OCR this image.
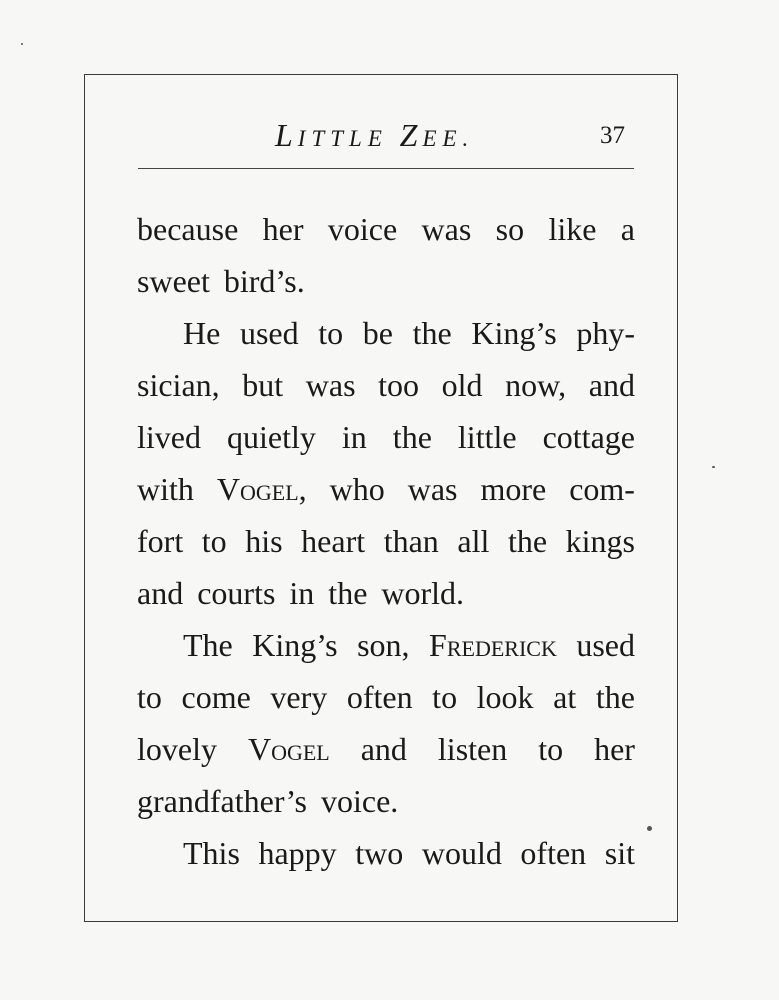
LITTLE ZEE.	37
because her voice was so like a
sweet bird’s.
He used to be the King’s phy-
sician, but was too old now, and
lived quietly in the little cottage
with Vogel, who was more com-
fort to his heart than all the kings
and courts in the world.
The King’s son, Frederick used
to come very often to look at the
lovely Vogel and listen to her
grandfather’s voice.
This happy two would often sit
